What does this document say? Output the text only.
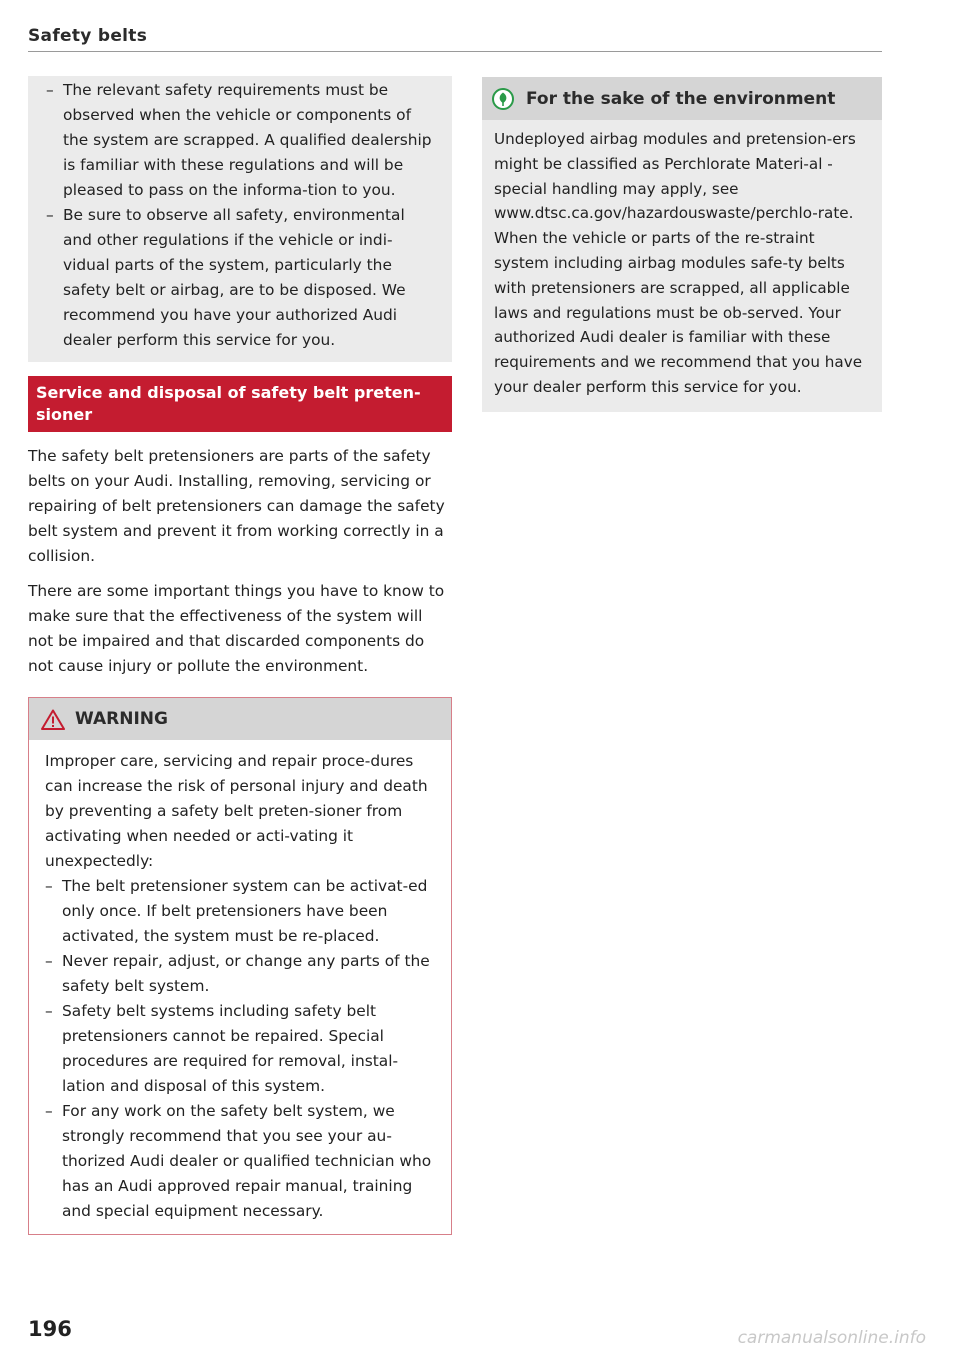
Safety belts
– The relevant safety requirements must be observed when the vehicle or components of the system are scrapped. A qualified dealership is familiar with these regulations and will be pleased to pass on the informa-tion to you.
– Be sure to observe all safety, environmental and other regulations if the vehicle or indi-vidual parts of the system, particularly the safety belt or airbag, are to be disposed. We recommend you have your authorized Audi dealer perform this service for you.
Service and disposal of safety belt preten-sioner

The safety belt pretensioners are parts of the safety belts on your Audi. Installing, removing, servicing or repairing of belt pretensioners can damage the safety belt system and prevent it from working correctly in a collision.

There are some important things you have to know to make sure that the effectiveness of the system will not be impaired and that discarded components do not cause injury or pollute the environment.

WARNING

Improper care, servicing and repair proce-dures can increase the risk of personal injury and death by preventing a safety belt preten-sioner from activating when needed or acti-vating it unexpectedly:

– The belt pretensioner system can be activat-ed only once. If belt pretensioners have been activated, the system must be re-placed.
– Never repair, adjust, or change any parts of the safety belt system.
– Safety belt systems including safety belt pretensioners cannot be repaired. Special procedures are required for removal, instal-lation and disposal of this system.
– For any work on the safety belt system, we strongly recommend that you see your au-thorized Audi dealer or qualified technician who has an Audi approved repair manual, training and special equipment necessary.
For the sake of the environment

Undeployed airbag modules and pretension-ers might be classified as Perchlorate Materi-al -special handling may apply, see www.dtsc.ca.gov/hazardouswaste/perchlo-rate. When the vehicle or parts of the re-straint system including airbag modules safe-ty belts with pretensioners are scrapped, all applicable laws and regulations must be ob-served. Your authorized Audi dealer is familiar with these requirements and we recommend that you have your dealer perform this service for you.

196	carmanualsonline.info
